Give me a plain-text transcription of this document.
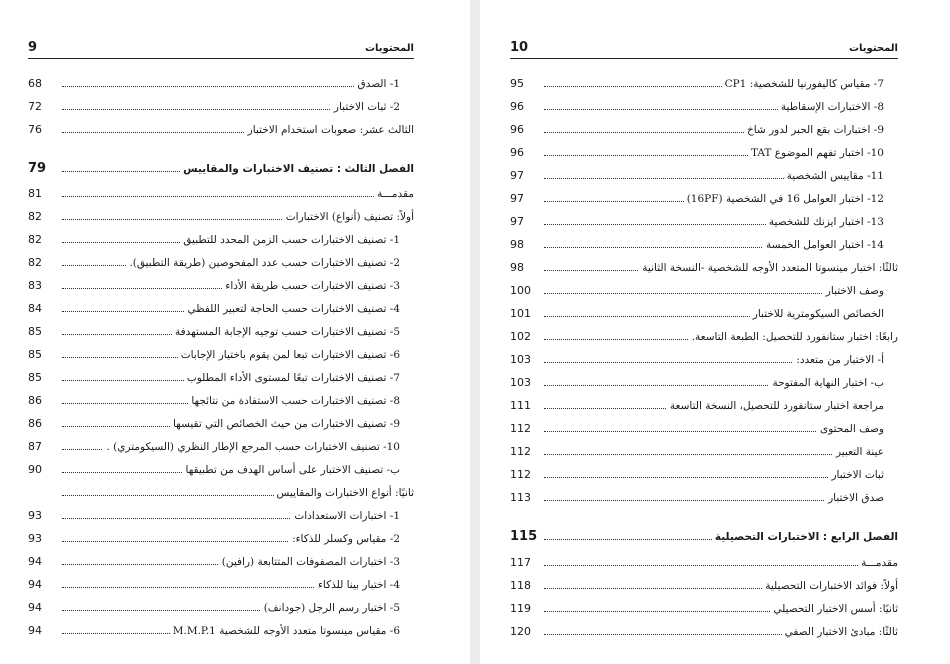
9	المحتويات
1- الصدق
68
2- ثبات الاختبار
72
الثالث عشر: صعوبات استخدام الاختبار
76
الفصل الثالث : تصنيف الاختبارات والمقاييس
79
مقدمـــة
81
أولاً: تصنيف (أنواع) الاختبارات
82
1- تصنيف الاختبارات حسب الزمن المحدد للتطبيق
82
2- تصنيف الاختبارات حسب عدد المفحوصين (طريقة التطبيق).
82
3- تصنيف الاختبارات حسب طريقة الأداء
83
4- تصنيف الاختبارات حسب الحاجة لتعبير اللفظي
84
5- تصنيف الاختبارات حسب توجيه الإجابة المستهدفة
85
6- تصنيف الاختبارات تبعا لمن يقوم باختيار الإجابات
85
7- تصنيف الاختبارات تبعًا لمستوى الأداء المطلوب
85
8- تصنيف الاختبارات حسب الاستفادة من نتائجها
86
9- تصنيف الاختبارات من حيث الخصائص التي تقيسها
86
10- تصنيف الاختبارات حسب المرجع الإطار النظري (السيكومتري) .
87
ب- تصنيف الاختبار على أساس الهدف من تطبيقها
90
ثانيًا: أنواع الاختبارات والمقاييس
1- اختبارات الاستعدادات
93
2- مقياس وكسلر للذكاء:
93
3- اختبارات المصفوفات المتتابعة (رافين)
94
4- اختبار بينا للذكاء
94
5- اختبار رسم الرجل (جودانف)
94
6- مقياس مينسوتا متعدد الأوجه للشخصية M.M.P.1
94
10	المحتويات
7- مقياس كاليفورنيا للشخصية: CP1
95
8- الاختبارات الإسقاطية
96
9- اختبارات بقع الحبر لدور شاخ
96
10- اختبار تفهم الموضوع TAT
96
11- مقاييس الشخصية
97
12- اختبار العوامل 16 في الشخصية (16PF)
97
13- اختبار ايزنك للشخصية
97
14- اختبار العوامل الخمسة
98
ثالثًا: اختبار مينسوتا المتعدد الأوجه للشخصية -النسخة الثانية
98
وصف الاختبار
100
الخصائص السيكومترية للاختبار
101
رابعًا: اختبار ستانفورد للتحصيل: الطبعة التاسعة.
102
أ- الاختبار من متعدد:
103
ب- اختبار النهاية المفتوحة
103
مراجعة اختبار ستانفورد للتحصيل، النسخة التاسعة
111
وصف المحتوى
112
عينة التعبير
112
ثبات الاختبار
112
صدق الاختبار
113
الفصل الرابع : الاختبارات التحصيلية
115
مقدمـــة
117
أولاً: فوائد الاختبارات التحصيلية
118
ثانيًا: أسس الاختبار التحصيلي
119
ثالثًا: مبادئ الاختبار الصفي
120
